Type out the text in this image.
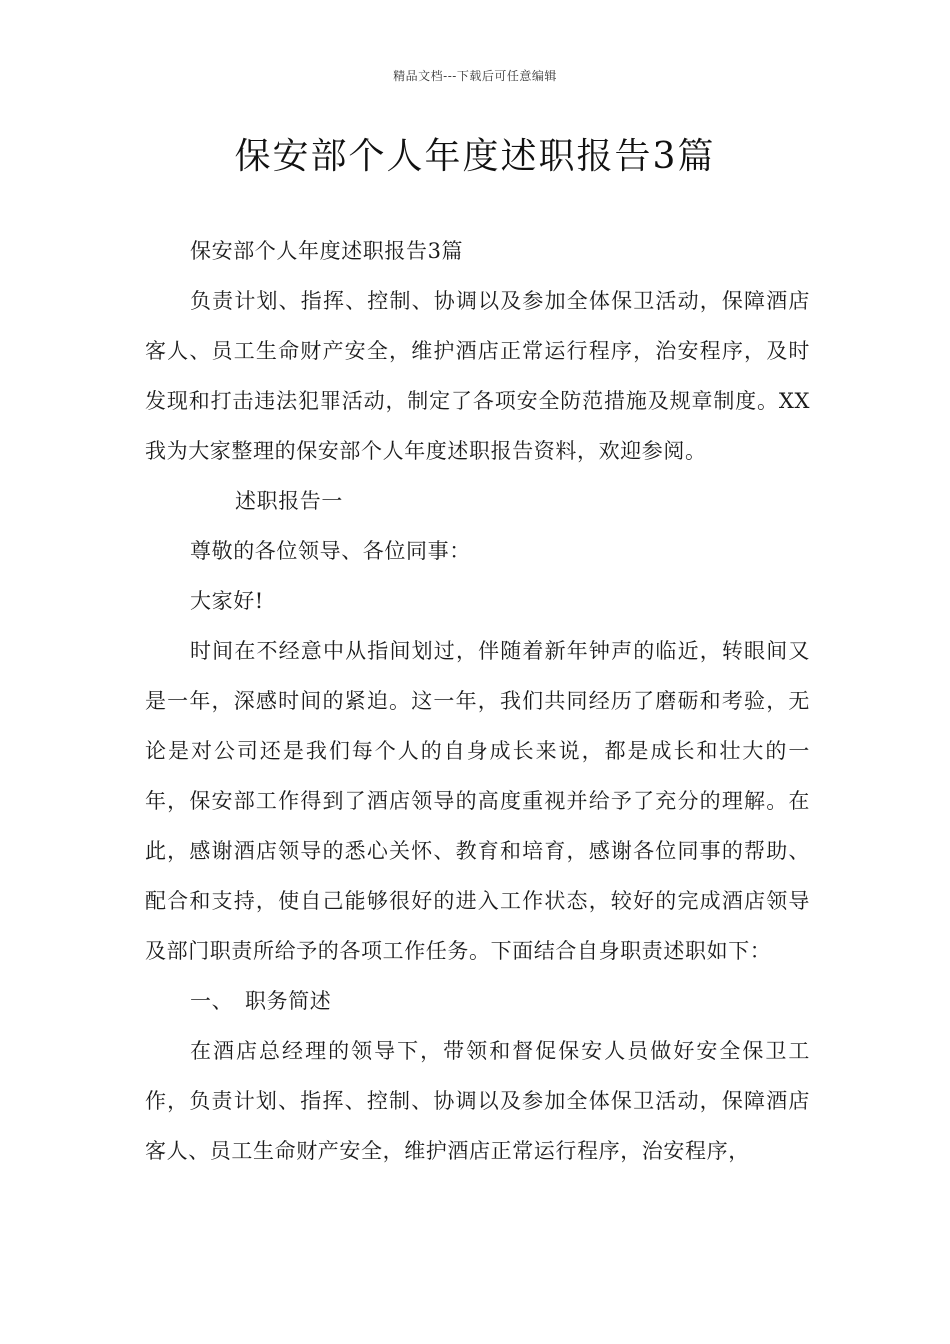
精品文档---下载后可任意编辑
保安部个人年度述职报告3篇

保安部个人年度述职报告3篇

负责计划、指挥、控制、协调以及参加全体保卫活动，保障酒店客人、员工生命财产安全，维护酒店正常运行程序，治安程序，及时发现和打击违法犯罪活动，制定了各项安全防范措施及规章制度。XX我为大家整理的保安部个人年度述职报告资料，欢迎参阅。

述职报告一

尊敬的各位领导、各位同事：

大家好!

时间在不经意中从指间划过，伴随着新年钟声的临近，转眼间又是一年，深感时间的紧迫。这一年，我们共同经历了磨砺和考验，无论是对公司还是我们每个人的自身成长来说，都是成长和壮大的一年，保安部工作得到了酒店领导的高度重视并给予了充分的理解。在此，感谢酒店领导的悉心关怀、教育和培育，感谢各位同事的帮助、配合和支持，使自己能够很好的进入工作状态，较好的完成酒店领导及部门职责所给予的各项工作任务。下面结合自身职责述职如下：

一、 职务简述

在酒店总经理的领导下，带领和督促保安人员做好安全保卫工作，负责计划、指挥、控制、协调以及参加全体保卫活动，保障酒店客人、员工生命财产安全，维护酒店正常运行程序，治安程序，
